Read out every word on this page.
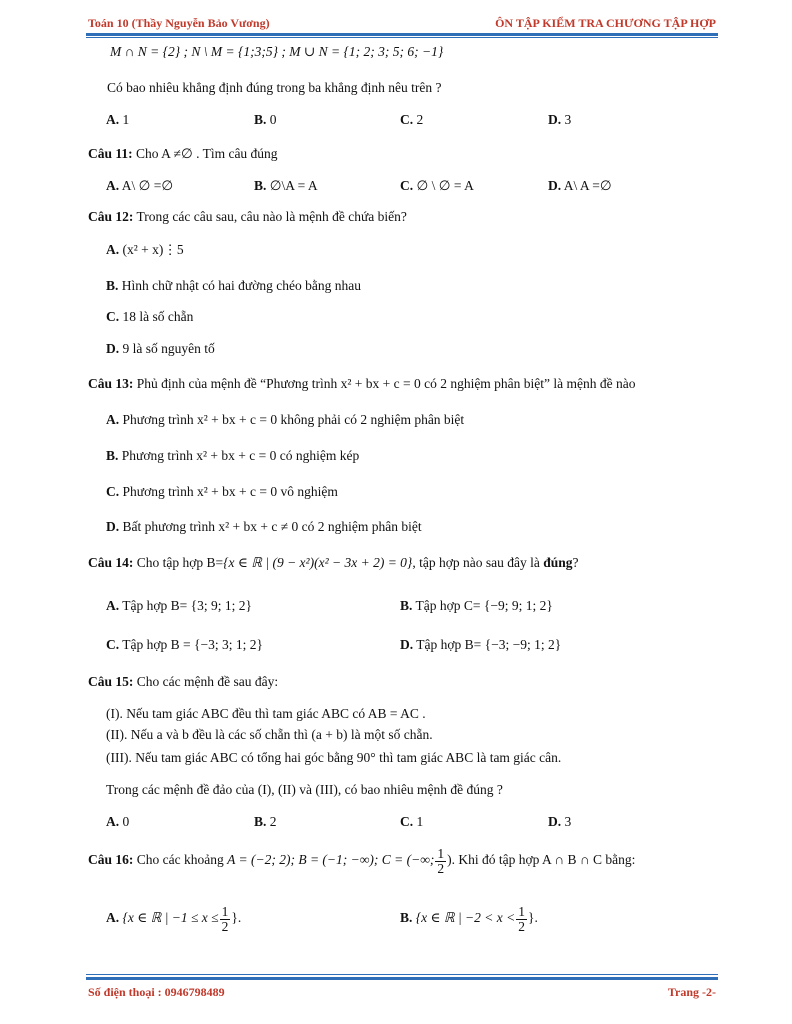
Toán 10 (Thầy Nguyễn Bảo Vương)	ÔN TẬP KIỂM TRA CHƯƠNG TẬP HỢP
M ∩ N = {2} ; N \ M = {1;3;5} ; M ∪ N = {1; 2; 3; 5; 6; −1}
Có bao nhiêu khẳng định đúng trong ba khẳng định nêu trên ?
A. 1	B. 0	C. 2	D. 3
Câu 11: Cho A ≠∅ . Tìm câu đúng
A. A\ ∅ =∅	B. ∅\A = A	C. ∅ \ ∅ = A	D. A\ A =∅
Câu 12: Trong các câu sau, câu nào là mệnh đề chứa biến?
A. (x² + x)⋮5
B. Hình chữ nhật có hai đường chéo bằng nhau
C. 18 là số chẵn
D. 9 là số nguyên tố
Câu 13: Phủ định của mệnh đề “Phương trình x² + bx + c = 0 có 2 nghiệm phân biệt” là mệnh đề nào
A. Phương trình x² + bx + c = 0 không phải có 2 nghiệm phân biệt
B. Phương trình x² + bx + c = 0 có nghiệm kép
C. Phương trình x² + bx + c = 0 vô nghiệm
D. Bất phương trình x² + bx + c ≠ 0 có 2 nghiệm phân biệt
Câu 14: Cho tập hợp B={x ∈ ℝ | (9 − x²)(x² − 3x + 2) = 0}, tập hợp nào sau đây là đúng?
A. Tập hợp B= {3; 9; 1; 2}	B. Tập hợp C= {−9; 9; 1; 2}
C. Tập hợp B = {−3; 3; 1; 2}	D. Tập hợp B= {−3; −9; 1; 2}
Câu 15: Cho các mệnh đề sau đây:
(I). Nếu tam giác ABC đều thì tam giác ABC có AB = AC .
(II). Nếu a và b đều là các số chẵn thì (a + b) là một số chẵn.
(III). Nếu tam giác ABC có tổng hai góc bằng 90° thì tam giác ABC là tam giác cân.
Trong các mệnh đề đảo của (I), (II) và (III), có bao nhiêu mệnh đề đúng ?
A. 0	B. 2	C. 1	D. 3
Câu 16: Cho các khoảng A = (−2; 2); B = (−1; −∞); C = (−∞; $\frac{1}{2}$ ). Khi đó tập hợp A ∩ B ∩ C bằng:
A. {x ∈ ℝ | $-1 \le x \le \frac{1}{2}$ }.	B. {x ∈ ℝ | $-2 < x < \frac{1}{2}$ }.
Số điện thoại : 0946798489	Trang -2-
